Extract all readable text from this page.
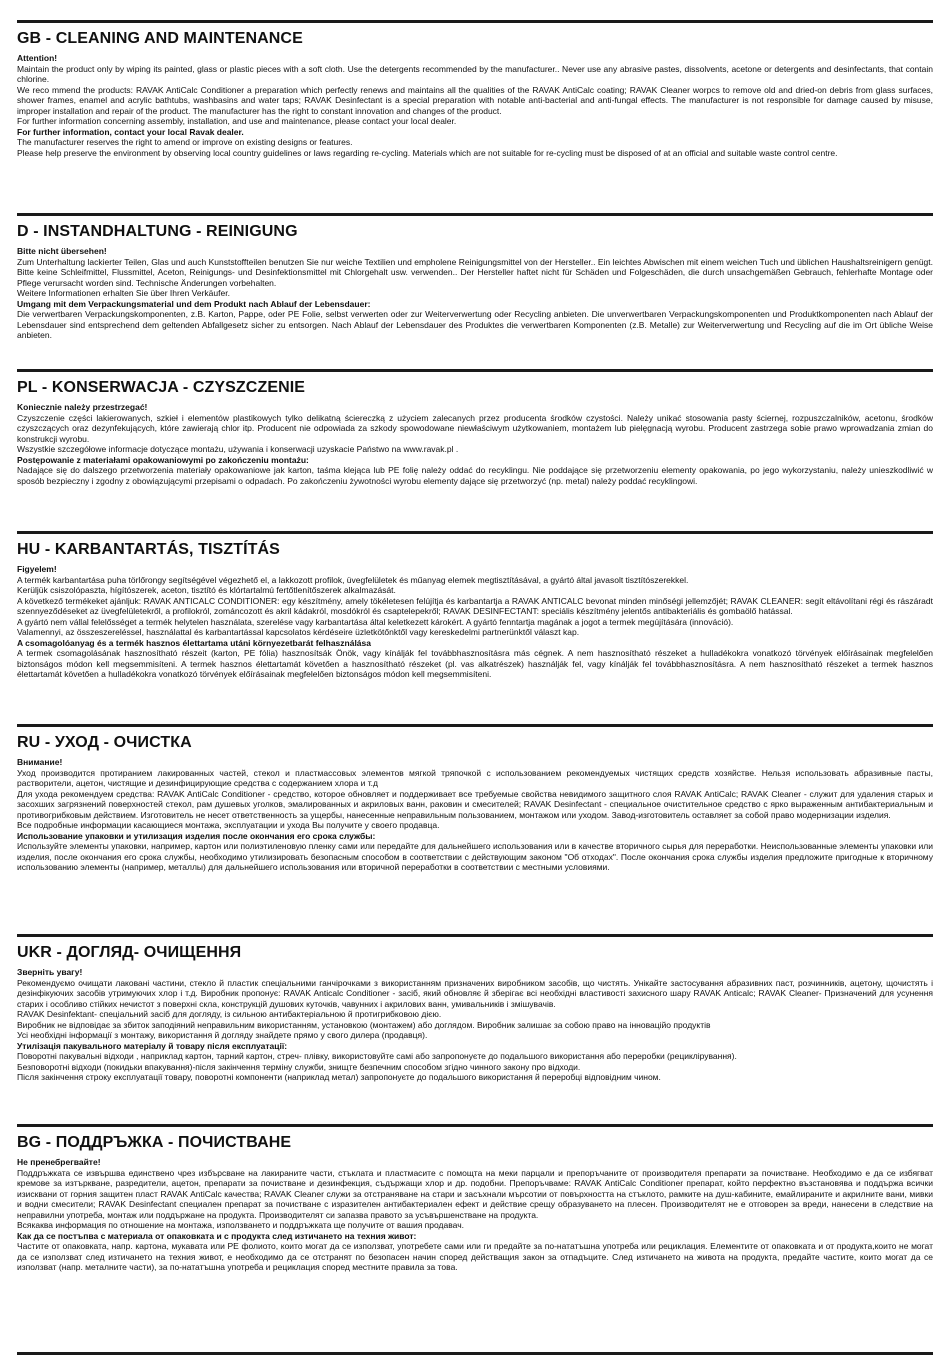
GB - CLEANING AND MAINTENANCE

Attention!

Maintain the product only by wiping its painted, glass or plastic pieces with a soft cloth. Use the detergents recommended by the manufacturer.. Never use any abrasive pastes, dissolvents, acetone or detergents and desinfectants, that contain chlorine.

We reco mmend the products: RAVAK AntiCalc Conditioner a preparation which perfectly renews and maintains all the qualities of the RAVAK AntiCalc coating; RAVAK Cleaner worpcs to remove old and dried-on debris from glass surfaces, shower frames, enamel and acrylic bathtubs, washbasins and water taps; RAVAK Desinfectant is a special preparation with notable anti-bacterial and anti-fungal effects. The manufacturer is not responsible for damage caused by misuse, improper installation and repair of the product. The manufacturer has the right to constant innovation and changes of the product.

For further information concerning assembly, installation, and use and maintenance, please contact your local dealer.

For further information, contact your local Ravak dealer.

The manufacturer reserves the right to amend or improve on existing designs or features.

Please help preserve the environment by observing local country guidelines or laws regarding re-cycling. Materials which are not suitable for re-cycling must be disposed of at an official and suitable waste control centre.

D - INSTANDHALTUNG - REINIGUNG

Bitte nicht übersehen!

Zum Unterhaltung lackierter Teilen, Glas und auch Kunststoffteilen benutzen Sie nur weiche Textilien und empholene Reinigungsmittel von der Hersteller.. Ein leichtes Abwischen mit einem weichen Tuch und üblichen Haushaltsreinigern genügt. Bitte keine Schleifmittel, Flussmittel, Aceton, Reinigungs- und Desinfektionsmittel mit Chlorgehalt usw. verwenden.. Der Hersteller haftet nicht für Schäden und Folgeschäden, die durch unsachgemäßen Gebrauch, fehlerhafte Montage oder Pflege verursacht worden sind. Technische Änderungen vorbehalten.

Weitere Informationen erhalten Sie über Ihren Verkäufer.

Umgang mit dem Verpackungsmaterial und dem Produkt nach Ablauf der Lebensdauer:

Die verwertbaren Verpackungskomponenten, z.B. Karton, Pappe, oder PE Folie, selbst verwerten oder zur Weiterverwertung oder Recycling anbieten. Die unverwertbaren Verpackungskomponenten und Produktkomponenten nach Ablauf der Lebensdauer sind entsprechend dem geltenden Abfallgesetz sicher zu entsorgen. Nach Ablauf der Lebensdauer des Produktes die verwertbaren Komponenten (z.B. Metalle) zur Weiterverwertung und Recycling auf die im Ort übliche Weise anbieten.

PL - KONSERWACJA - CZYSZCZENIE

Koniecznie należy przestrzegać!

Czyszczenie części lakierowanych, szkieł i elementów plastikowych tylko delikatną ściereczką z użyciem zalecanych przez producenta środków czystości. Należy unikać stosowania pasty ściernej, rozpuszczalników, acetonu, środków czyszczących oraz dezynfekujących, które zawierają chlor itp. Producent nie odpowiada za szkody spowodowane niewłaściwym użytkowaniem, montażem lub pielęgnacją wyrobu. Producent zastrzega sobie prawo wprowadzania zmian do konstrukcji wyrobu.

Wszystkie szczegółowe informacje dotyczące montażu, używania i konserwacji uzyskacie Państwo na www.ravak.pl .

Postępowanie z materiałami opakowaniowymi po zakończeniu montażu:

Nadające się do dalszego przetworzenia materiały opakowaniowe jak karton, taśma klejąca lub PE folię należy oddać do recyklingu. Nie poddające się przetworzeniu elementy opakowania, po jego wykorzystaniu, należy unieszkodliwić w sposób bezpieczny i zgodny z obowiązującymi przepisami o odpadach. Po zakończeniu żywotności wyrobu elementy dające się przetworzyć (np. metal) należy poddać recyklingowi.

HU - KARBANTARTÁS, TISZTÍTÁS

Figyelem!

A termék karbantartása puha törlőrongy segítségével végezhető el, a lakkozott profilok, üvegfelületek és műanyag elemek megtisztításával, a gyártó által javasolt tisztítószerekkel.

Kerüljük csiszolópaszta, hígítószerek, aceton, tisztító és klórtartalmú fertőtlenítőszerek alkalmazását.

A következő termékeket ajánljuk: RAVAK ANTICALC CONDITIONER: egy készítmény, amely tökéletesen felújítja és karbantartja a RAVAK ANTICALC bevonat minden minőségi jellemzőjét; RAVAK CLEANER: segít eltávolítani régi és rászáradt szennyeződéseket az üvegfelületekről, a profilokról, zománcozott és akril kádakról, mosdókról és csaptelepekről; RAVAK DESINFECTANT: speciális készítmény jelentős antibakteriális és gombaölő hatással.

A gyártó nem vállal felelősséget a termék helytelen használata, szerelése vagy karbantartása által keletkezett károkért. A gyártó fenntartja magának a jogot a termek megújítására (innováció).

Valamennyi, az összeszereléssel, használattal és karbantartással kapcsolatos kérdéseire üzletkötőnktől vagy kereskedelmi partnerünktől választ kap.

A csomagolóanyag és a termék hasznos élettartama utáni környezetbarát felhasználása

A termek csomagolásának hasznosítható részeit (karton, PE fólia) hasznosítsák Önök, vagy kínálják fel továbbhasznosításra más cégnek. A nem hasznosítható részeket a hulladékokra vonatkozó törvények előírásainak megfelelően biztonságos módon kell megsemmisíteni. A termek hasznos élettartamát követően a hasznosítható részeket (pl. vas alkatrészek) használják fel, vagy kínálják fel továbbhasznosításra. A nem hasznosítható részeket a termek hasznos élettartamát követően a hulladékokra vonatkozó törvények előírásainak megfelelően biztonságos módon kell megsemmisíteni.

RU - УХОД - ОЧИСТКА

Внимание!

Уход производится протиранием лакированных частей, стекол и пластмассовых элементов мягкой тряпочкой с использованием рекомендуемых чистящих средств хозяйстве. Нельзя использовать абразивные пасты, растворители, ацетон, чистящие и дезинфицирующие средства с содержанием хлора и т.д

Для ухода рекомендуем средства: RAVAK AntiCalc Conditioner - средство, которое обновляет и поддерживает все требуемые свойства невидимого защитного слоя RAVAK AntiCalc; RAVAK Cleaner - служит для удаления старых и засохших загрязнений поверхностей стекол, рам душевых уголков, эмалированных и акриловых ванн, раковин и смесителей; RAVAK Desinfectant - специальное очистительное средство с ярко выраженным антибактериальным и противогрибковым действием. Изготовитель не несет ответственность за ущербы, нанесенные неправильным пользованием, монтажом или уходом. Завод-изготовитель оставляет за собой право модернизации изделия.

Все подробные информации касающиеся монтажа, эксплуатации и ухода Вы получите у своего продавца.

Использование упаковки и утилизация изделия после окончания его срока службы:

Используйте элементы упаковки, например, картон или полиэтиленовую пленку сами или передайте для дальнейшего использования или в качестве вторичного сырья для переработки. Неиспользованные элементы упаковки или изделия, после окончания его срока службы, необходимо утилизировать безопасным способом в соответствии с действующим законом "Об отходах". После окончания срока службы изделия предложите пригодные к вторичному использованию элементы (например, металлы) для дальнейшего использования или вторичной переработки в соответствии с местными условиями.

UKR - ДОГЛЯД- ОЧИЩЕННЯ

Зверніть увагу!

Рекомендуємо очищати лаковані частини, стекло й пластик спеціальними ганчірочками з використанням призначених виробником засобів, що чистять. Унікайте застосування абразивних паст, розчинників, ацетону, щочистять і дезінфікуючих засобів утримуючих хлор і т.д. Виробник пропонує: RAVAK Anticalc Conditioner - засіб, який обновляє й зберігає всі необхідні властивості захисного шару RAVAK Anticalc; RAVAK Cleaner- Призначений для усунення старих і особливо стійких нечистот з поверхні скла, конструкцій душових куточків, чавунних і акрилових ванн, умивальників і змішувачів.

RAVAK Desinfektant- спеціальний засіб для догляду, із сильною антибактеріальною й протигрибковою дією.

Виробник не відповідає за збиток заподіяний неправильним використанням, установкою (монтажем) або доглядом. Виробник залишає за собою право на інноваційо продуктів

Усі необхідні інформації з монтажу, використання й догляду знайдете прямо у свого дилера (продавця).

Утилізація пакувального матеріалу й товару після експлуатації:

Поворотні пакувальні відходи , наприклад картон, тарний картон, стреч- плівку, використовуйте самі або запропонуєте до подальшого використання або переробки (рециклірування).

Безповоротні відходи (покидьки впакування)-після закінчення терміну служби, знищте безпечним способом згідно чинного закону про відходи.

Після закінчення строку експлуатації товару, поворотні компоненти (наприклад метал) запропонуєте до подальшого використання й переробці відповідним чином.

BG - ПОДДРЪЖКА - ПОЧИСТВАНЕ

Не пренебрегвайте!

Поддръжката се извършва единствено чрез избърсване на лакираните части, стъклата и пластмасите с помощта на меки парцали и препоръчаните от производителя препарати за почистване. Необходимо е да се избягват кремове за изтъркване, разредители, ацетон, препарати за почистване и дезинфекция, съдържащи хлор и др. подобни. Препоръчваме: RAVAK AntiCalc Conditioner препарат, който перфектно възстановява и поддържа всички изисквани от горния защитен пласт RAVAK AntiCalc качества; RAVAK Cleaner служи за отстраняване на стари и засъхнали мърсотии от повърхността на стъклото, рамките на душ-кабините, емайлираните и акрилните вани, мивки и водни смесители; RAVAK Desinfectant специален препарат за почистване с изразителен антибактериален ефект и действие срещу образуването на плесен. Производителят не е отговорен за вреди, нанесени в следствие на неправилни употреба, монтаж или поддържане на продукта. Производителят си запазва правото за усъвършенстване на продукта.

Всякаква информация по отношение на монтажа, използването и поддръжката ще получите от вашия продавач.

Как да се постъпва с материала от опаковката и с продукта след изтичането на техния живот:

Частите от опаковката, напр. картона, мукавата или PE фолиото, които могат да се използват, употребете сами или ги предайте за по-нататъшна употреба или рециклация. Елементите от опаковката и от продукта,които не могат да се използват след изтичането на техния живот, е необходимо да се отстранят по безопасен начин според действащия закон за отпадъците. След изтичането на живота на продукта, предайте частите, които могат да се използват (напр. металните части), за по-нататъшна употреба и рециклация според местните правила за това.
